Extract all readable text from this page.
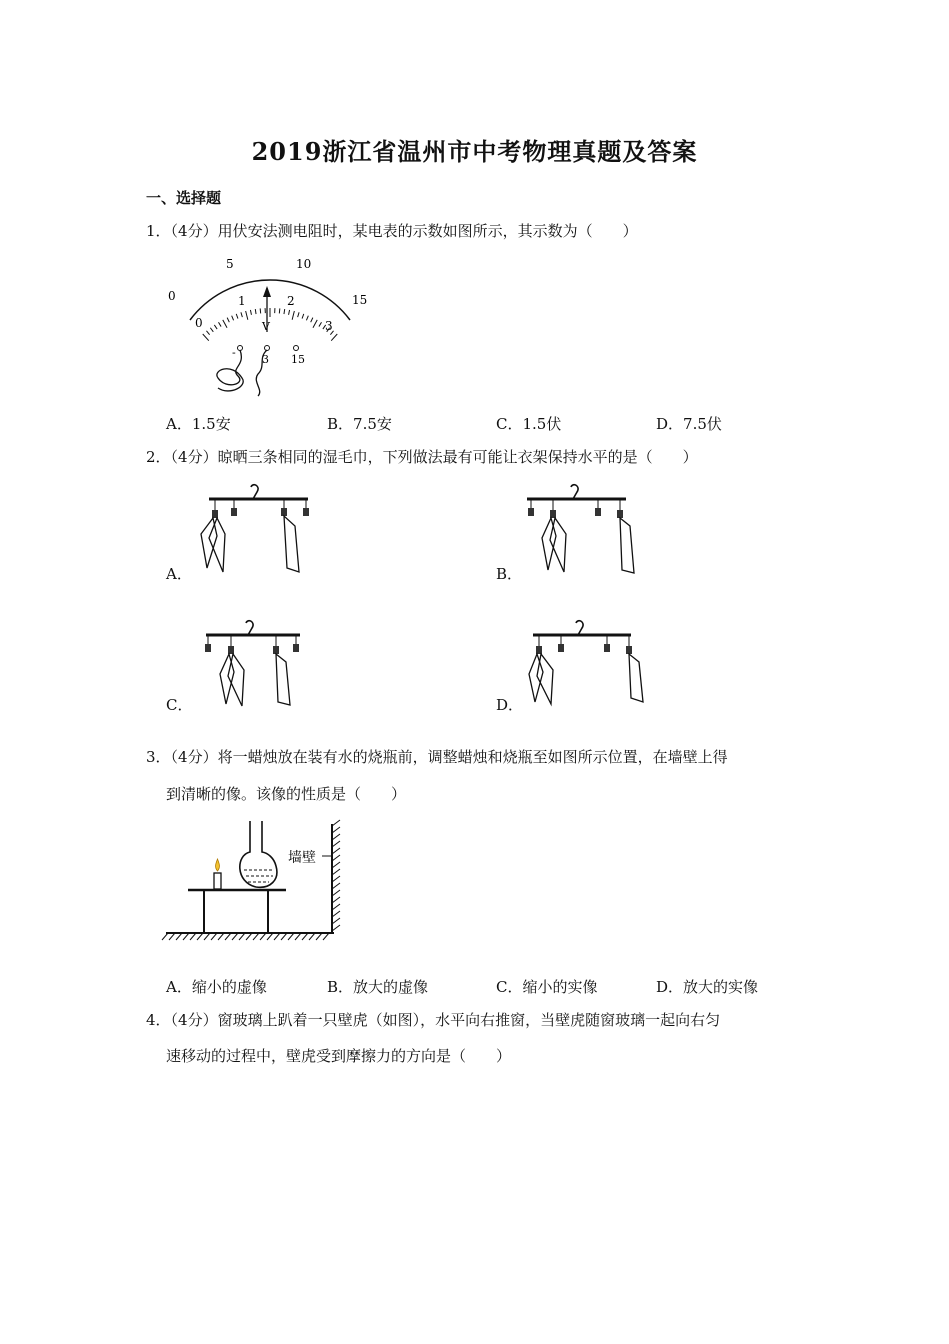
2019浙江省温州市中考物理真题及答案
一、选择题
1．（4分）用伏安法测电阻时，某电表的示数如图所示，其示数为（　　）
0
5	10
15
0
1	2
3
V
-
3 15
A．1.5安	B．7.5安	C．1.5伏	D．7.5伏
2．（4分）晾晒三条相同的湿毛巾，下列做法最有可能让衣架保持水平的是（　　）
A．	B．
C．	D．
3．（4分）将一蜡烛放在装有水的烧瓶前，调整蜡烛和烧瓶至如图所示位置，在墙壁上得
到清晰的像。该像的性质是（　　）
墙壁
A．缩小的虚像	B．放大的虚像	C．缩小的实像	D．放大的实像
4．（4分）窗玻璃上趴着一只壁虎（如图），水平向右推窗，当壁虎随窗玻璃一起向右匀
速移动的过程中，壁虎受到摩擦力的方向是（　　）
